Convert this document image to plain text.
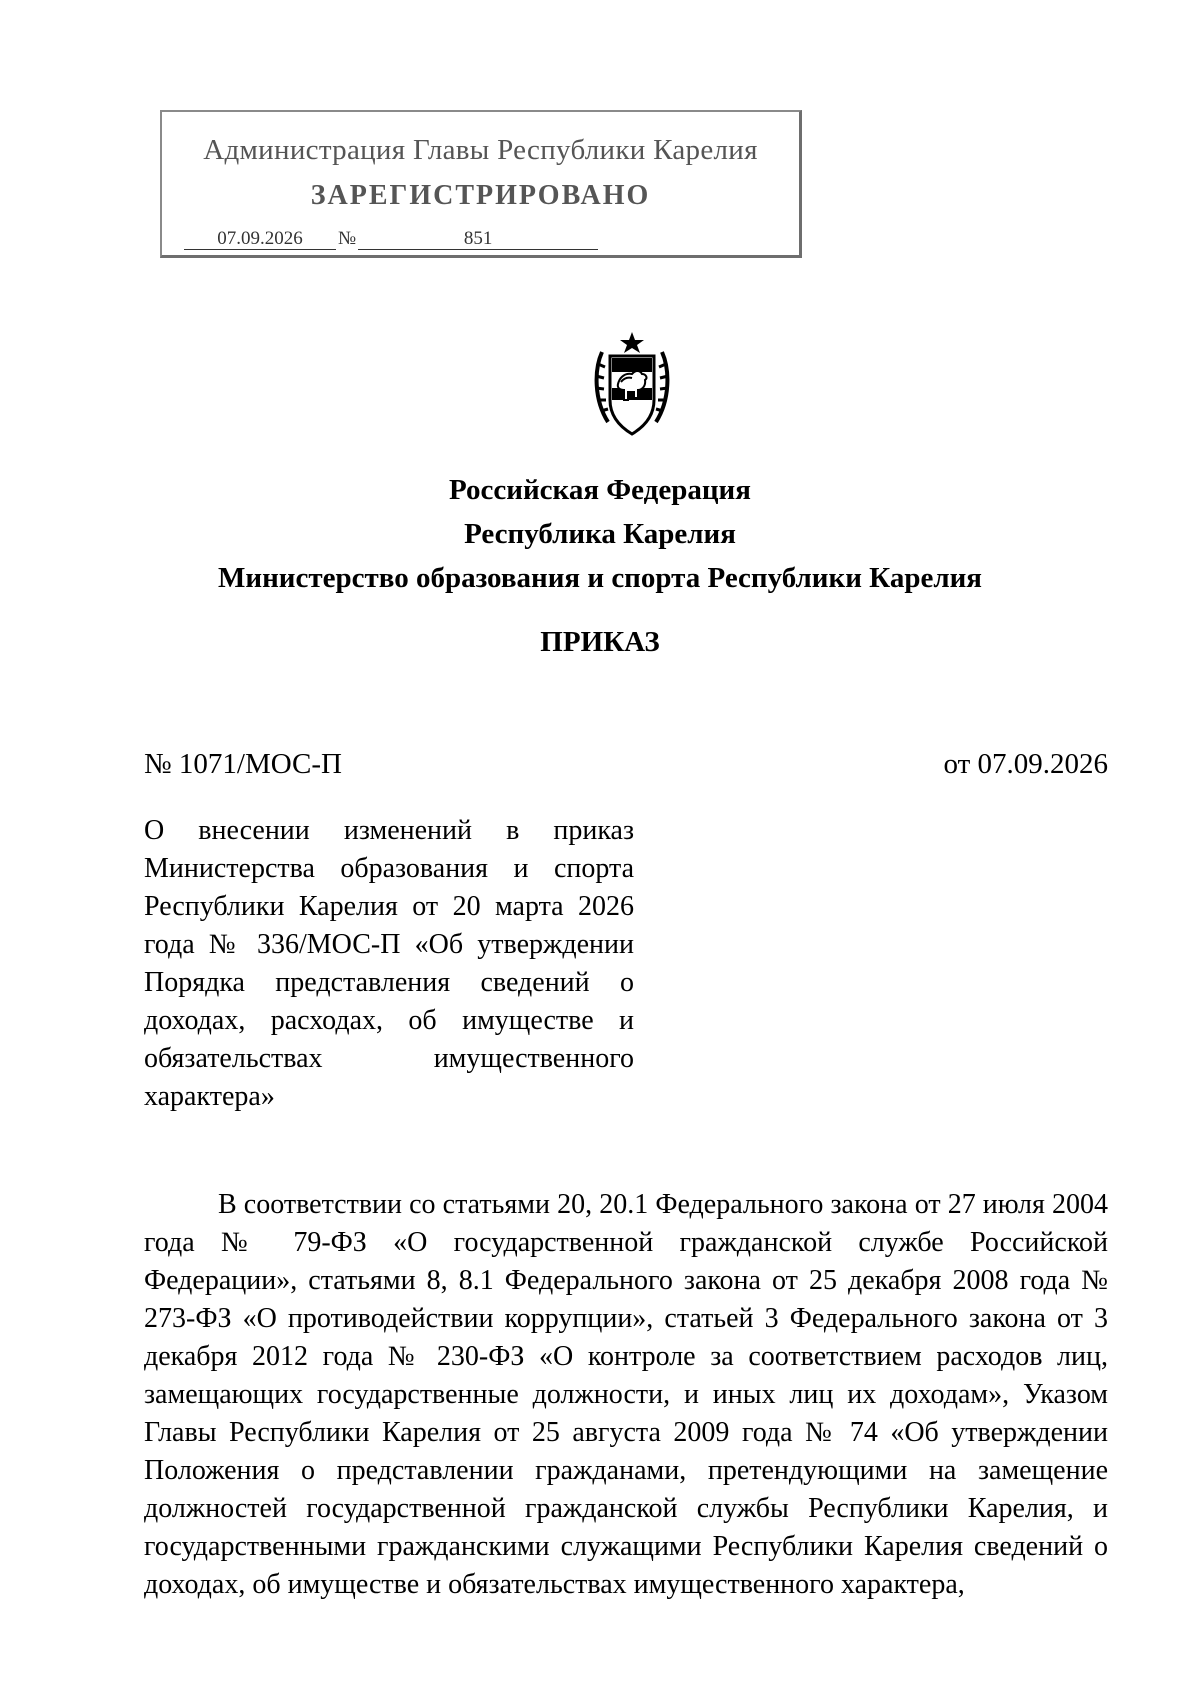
Администрация Главы Республики Карелия
ЗАРЕГИСТРИРОВАНО
07.09.2026 №	851
Российская Федерация
Республика Карелия
Министерство образования и спорта Республики Карелия
ПРИКАЗ
№ 1071/МОС-П	от 07.09.2026
О внесении изменений в приказ Министерства образования и спорта Республики Карелия от 20 марта 2026 года № 336/МОС-П «Об утверждении Порядка представления сведений о доходах, расходах, об имуществе и обязательствах имущественного характера»
В соответствии со статьями 20, 20.1 Федерального закона от 27 июля 2004 года № 79-ФЗ «О государственной гражданской службе Российской Федерации», статьями 8, 8.1 Федерального закона от 25 декабря 2008 года № 273-ФЗ «О противодействии коррупции», статьей 3 Федерального закона от 3 декабря 2012 года № 230-ФЗ «О контроле за соответствием расходов лиц, замещающих государственные должности, и иных лиц их доходам», Указом Главы Республики Карелия от 25 августа 2009 года № 74 «Об утверждении Положения о представлении гражданами, претендующими на замещение должностей государственной гражданской службы Республики Карелия, и государственными гражданскими служащими Республики Карелия сведений о доходах, об имуществе и обязательствах имущественного характера,
